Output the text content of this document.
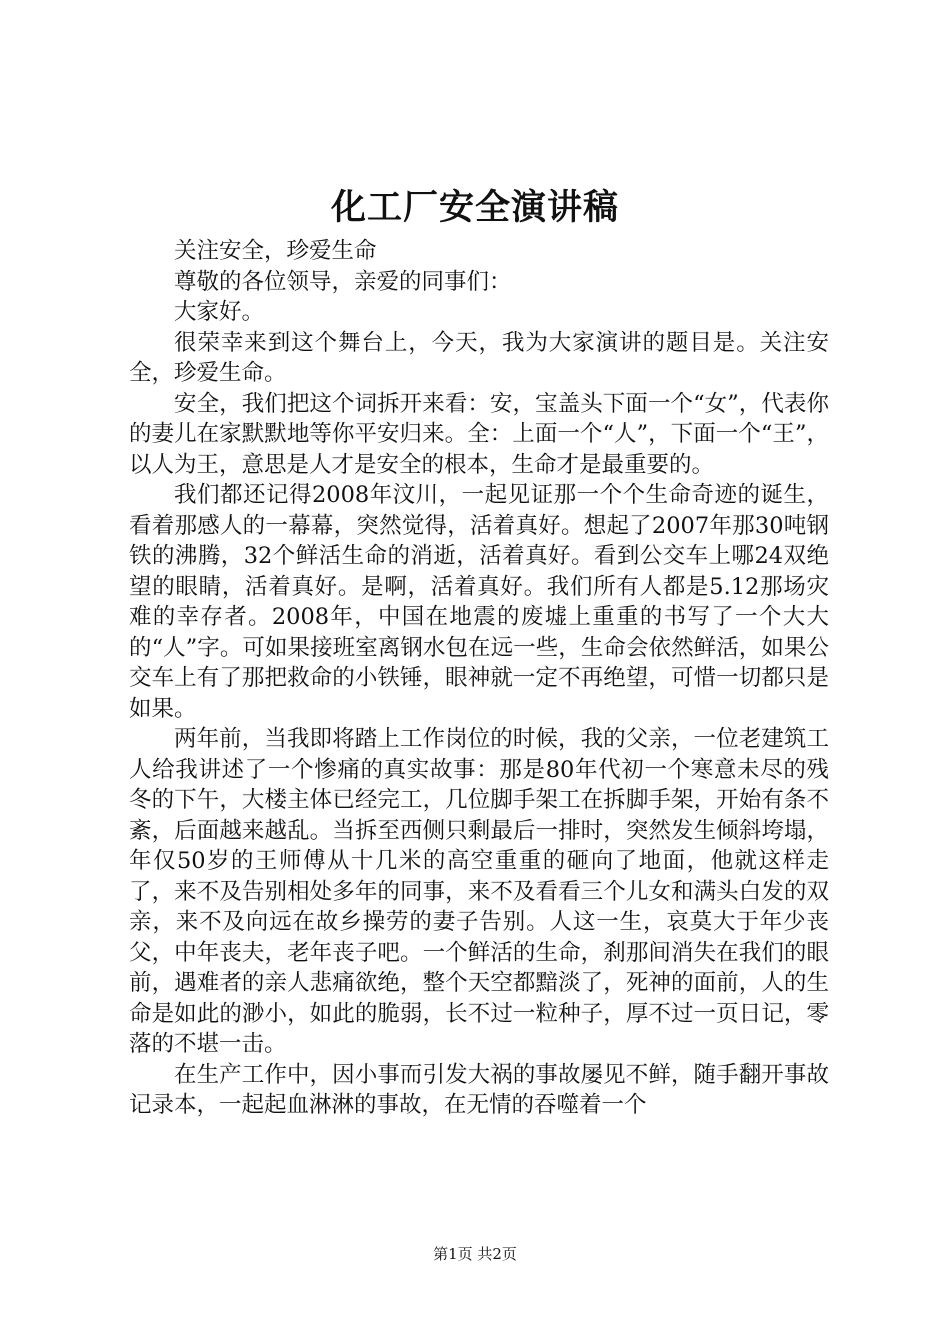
化工厂安全演讲稿

关注安全，珍爱生命

尊敬的各位领导，亲爱的同事们：

大家好。

很荣幸来到这个舞台上，今天，我为大家演讲的题目是。关注安全，珍爱生命。

安全，我们把这个词拆开来看：安，宝盖头下面一个“女”，代表你的妻儿在家默默地等你平安归来。全：上面一个“人”，下面一个“王”，以人为王，意思是人才是安全的根本，生命才是最重要的。

我们都还记得2008年汶川，一起见证那一个个生命奇迹的诞生，看着那感人的一幕幕，突然觉得，活着真好。想起了2007年那30吨钢铁的沸腾，32个鲜活生命的消逝，活着真好。看到公交车上哪24双绝望的眼睛，活着真好。是啊，活着真好。我们所有人都是5.12那场灾难的幸存者。2008年，中国在地震的废墟上重重的书写了一个大大的“人”字。可如果接班室离钢水包在远一些，生命会依然鲜活，如果公交车上有了那把救命的小铁锤，眼神就一定不再绝望，可惜一切都只是如果。

两年前，当我即将踏上工作岗位的时候，我的父亲，一位老建筑工人给我讲述了一个惨痛的真实故事：那是80年代初一个寒意未尽的残冬的下午，大楼主体已经完工，几位脚手架工在拆脚手架，开始有条不紊，后面越来越乱。当拆至西侧只剩最后一排时，突然发生倾斜垮塌，年仅50岁的王师傅从十几米的高空重重的砸向了地面，他就这样走了，来不及告别相处多年的同事，来不及看看三个儿女和满头白发的双亲，来不及向远在故乡操劳的妻子告别。人这一生，哀莫大于年少丧父，中年丧夫，老年丧子吧。一个鲜活的生命，刹那间消失在我们的眼前，遇难者的亲人悲痛欲绝，整个天空都黯淡了，死神的面前，人的生命是如此的渺小，如此的脆弱，长不过一粒种子，厚不过一页日记，零落的不堪一击。

在生产工作中，因小事而引发大祸的事故屡见不鲜，随手翻开事故记录本，一起起血淋淋的事故，在无情的吞噬着一个

第1页 共2页
